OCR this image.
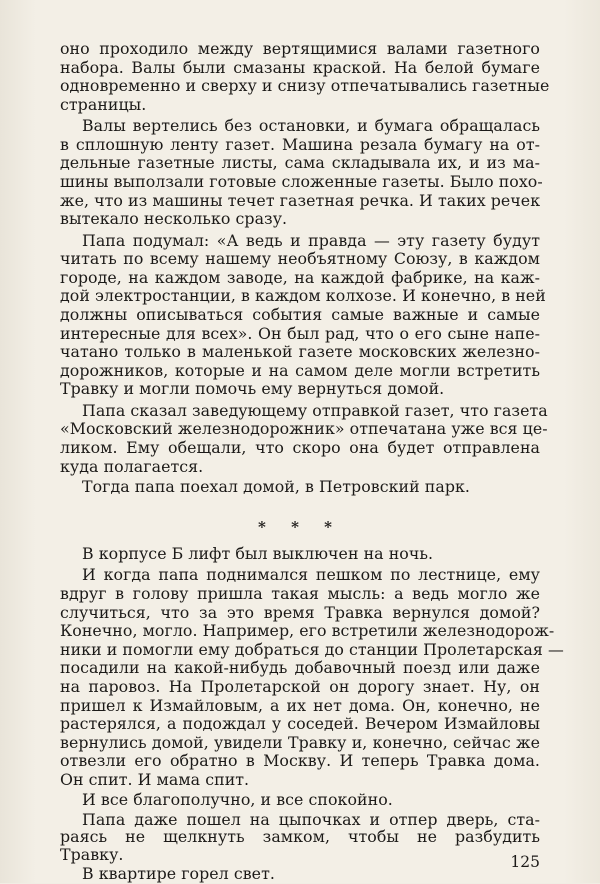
оно проходило между вертящимися валами газетного
набора. Валы были смазаны краской. На белой бумаге
одновременно и сверху и снизу отпечатывались газетные
страницы.
Валы вертелись без остановки, и бумага обращалась
в сплошную ленту газет. Машина резала бумагу на от-
дельные газетные листы, сама складывала их, и из ма-
шины выползали готовые сложенные газеты. Было похо-
же, что из машины течет газетная речка. И таких речек
вытекало несколько сразу.
Папа подумал: «А ведь и правда — эту газету будут
читать по всему нашему необъятному Союзу, в каждом
городе, на каждом заводе, на каждой фабрике, на каж-
дой электростанции, в каждом колхозе. И конечно, в ней
должны описываться события самые важные и самые
интересные для всех». Он был рад, что о его сыне напе-
чатано только в маленькой газете московских железно-
дорожников, которые и на самом деле могли встретить
Травку и могли помочь ему вернуться домой.
Папа сказал заведующему отправкой газет, что газета
«Московский железнодорожник» отпечатана уже вся це-
ликом. Ему обещали, что скоро она будет отправлена
куда полагается.
Тогда папа поехал домой, в Петровский парк.
* * *
В корпусе Б лифт был выключен на ночь.
И когда папа поднимался пешком по лестнице, ему
вдруг в голову пришла такая мысль: а ведь могло же
случиться, что за это время Травка вернулся домой?
Конечно, могло. Например, его встретили железнодорож-
ники и помогли ему добраться до станции Пролетарская —
посадили на какой-нибудь добавочный поезд или даже
на паровоз. На Пролетарской он дорогу знает. Ну, он
пришел к Измайловым, а их нет дома. Он, конечно, не
растерялся, а подождал у соседей. Вечером Измайловы
вернулись домой, увидели Травку и, конечно, сейчас же
отвезли его обратно в Москву. И теперь Травка дома.
Он спит. И мама спит.
125
И все благополучно, и все спокойно.
Папа даже пошел на цыпочках и отпер дверь, ста-
раясь не щелкнуть замком, чтобы не разбудить
Травку.
В квартире горел свет.
